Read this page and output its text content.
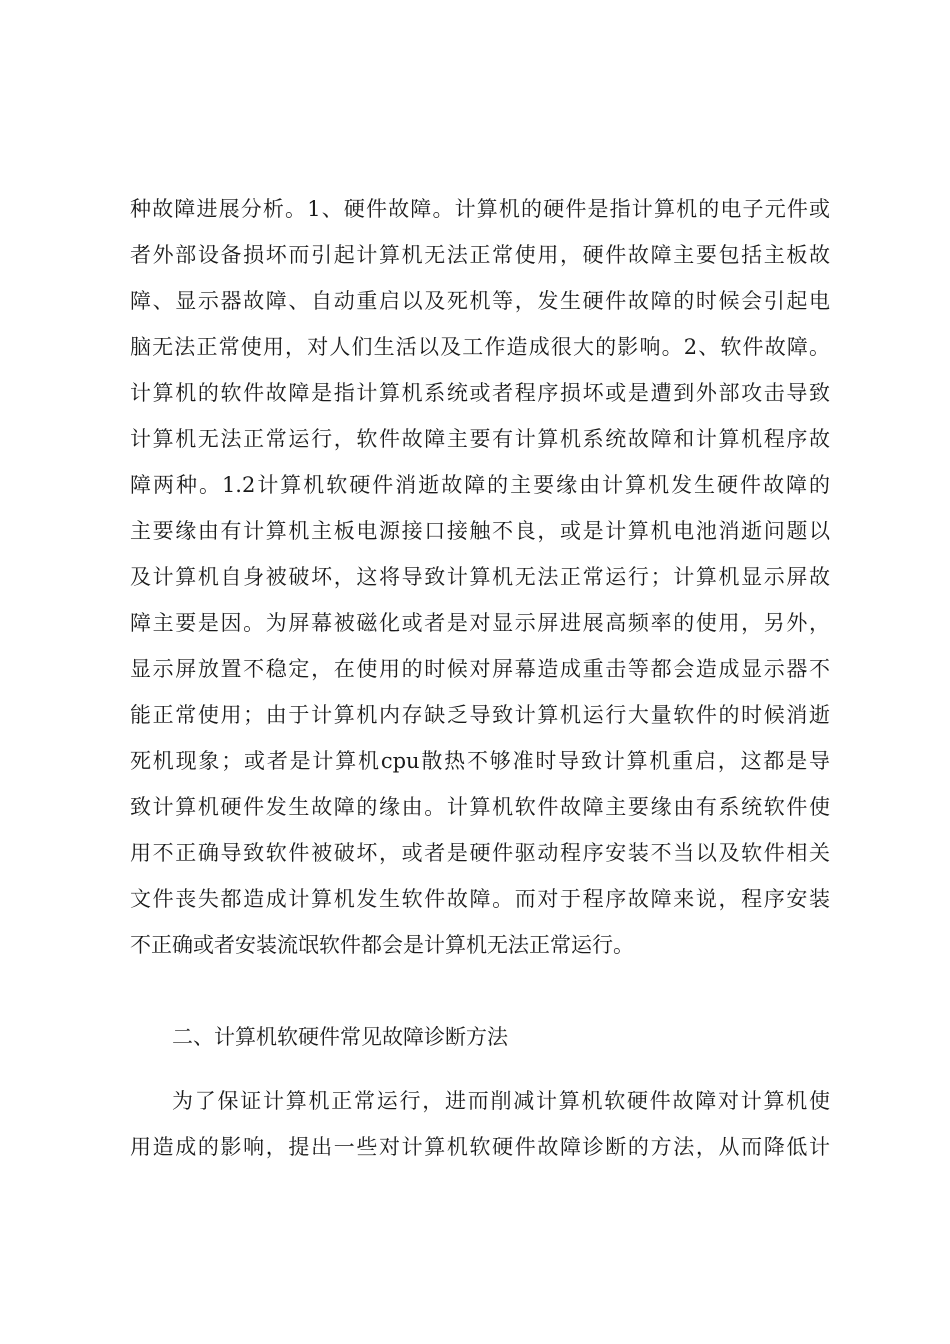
种故障进展分析。1、硬件故障。计算机的硬件是指计算机的电子元件或
者外部设备损坏而引起计算机无法正常使用，硬件故障主要包括主板故
障、显示器故障、自动重启以及死机等，发生硬件故障的时候会引起电
脑无法正常使用，对人们生活以及工作造成很大的影响。2、软件故障。
计算机的软件故障是指计算机系统或者程序损坏或是遭到外部攻击导致
计算机无法正常运行，软件故障主要有计算机系统故障和计算机程序故
障两种。1.2计算机软硬件消逝故障的主要缘由计算机发生硬件故障的
主要缘由有计算机主板电源接口接触不良，或是计算机电池消逝问题以
及计算机自身被破坏，这将导致计算机无法正常运行；计算机显示屏故
障主要是因。为屏幕被磁化或者是对显示屏进展高频率的使用，另外，
显示屏放置不稳定，在使用的时候对屏幕造成重击等都会造成显示器不
能正常使用；由于计算机内存缺乏导致计算机运行大量软件的时候消逝
死机现象；或者是计算机cpu散热不够准时导致计算机重启，这都是导
致计算机硬件发生故障的缘由。计算机软件故障主要缘由有系统软件使
用不正确导致软件被破坏，或者是硬件驱动程序安装不当以及软件相关
文件丧失都造成计算机发生软件故障。而对于程序故障来说，程序安装
不正确或者安装流氓软件都会是计算机无法正常运行。
二、计算机软硬件常见故障诊断方法
为了保证计算机正常运行，进而削减计算机软硬件故障对计算机使
用造成的影响，提出一些对计算机软硬件故障诊断的方法，从而降低计
